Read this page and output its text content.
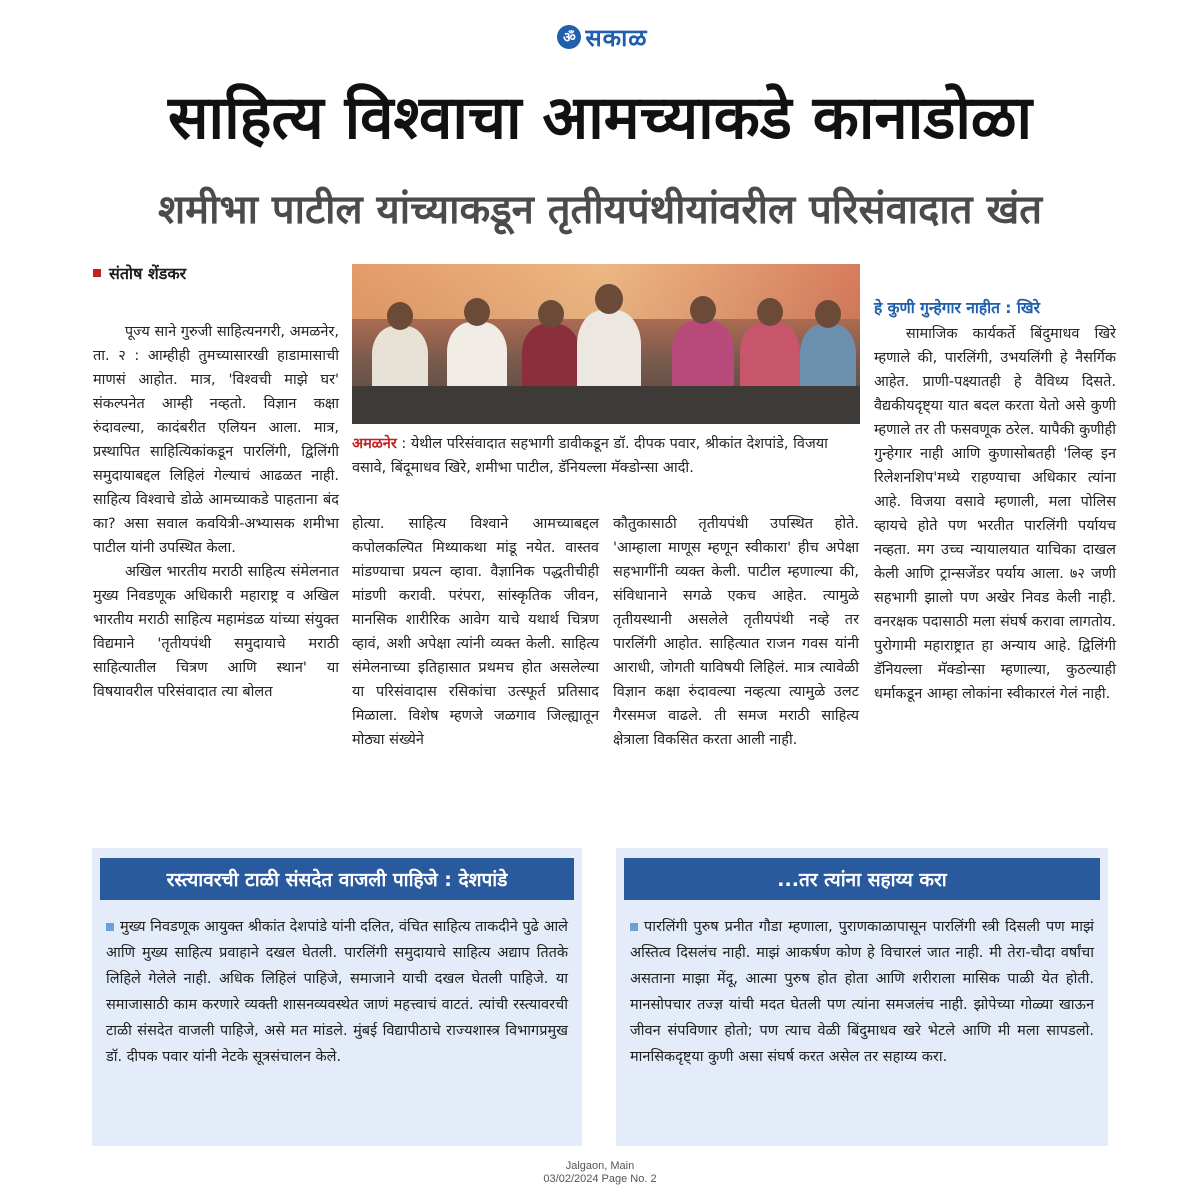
ॐ सकाळ
साहित्य विश्वाचा आमच्याकडे कानाडोळा
शमीभा पाटील यांच्याकडून तृतीयपंथीयांवरील परिसंवादात खंत
संतोष शेंडकर

पूज्य साने गुरुजी साहित्यनगरी, अमळनेर, ता. २ : आम्हीही तुमच्यासारखी हाडामासाची माणसं आहोत. मात्र, 'विश्वची माझे घर' संकल्पनेत आम्ही नव्हतो. विज्ञान कक्षा रुंदावल्या, कादंबरीत एलियन आला. मात्र, प्रस्थापित साहित्यिकांकडून पारलिंगी, द्विलिंगी समुदायाबद्दल लिहिलं गेल्याचं आढळत नाही. साहित्य विश्वाचे डोळे आमच्याकडे पाहताना बंद का? असा सवाल कवयित्री-अभ्यासक शमीभा पाटील यांनी उपस्थित केला.

अखिल भारतीय मराठी साहित्य संमेलनात मुख्य निवडणूक अधिकारी महाराष्ट्र व अखिल भारतीय मराठी साहित्य महामंडळ यांच्या संयुक्त विद्यमाने 'तृतीयपंथी समुदायाचे मराठी साहित्यातील चित्रण आणि स्थान' या विषयावरील परिसंवादात त्या बोलत

अमळनेर : येथील परिसंवादात सहभागी डावीकडून डॉ. दीपक पवार, श्रीकांत देशपांडे, विजया वसावे, बिंदूमाधव खिरे, शमीभा पाटील, डॅनियल्ला मॅक्डोन्सा आदी.

होत्या. साहित्य विश्वाने आमच्याबद्दल कपोलकल्पित मिथ्याकथा मांडू नयेत. वास्तव मांडण्याचा प्रयत्न व्हावा. वैज्ञानिक पद्धतीचीही मांडणी करावी. परंपरा, सांस्कृतिक जीवन, मानसिक शारीरिक आवेग याचे यथार्थ चित्रण व्हावं, अशी अपेक्षा त्यांनी व्यक्त केली. साहित्य संमेलनाच्या इतिहासात प्रथमच होत असलेल्या या परिसंवादास रसिकांचा उत्स्फूर्त प्रतिसाद मिळाला. विशेष म्हणजे जळगाव जिल्ह्यातून मोठ्या संख्येने

कौतुकासाठी तृतीयपंथी उपस्थित होते. 'आम्हाला माणूस म्हणून स्वीकारा' हीच अपेक्षा सहभागींनी व्यक्त केली. पाटील म्हणाल्या की, संविधानाने सगळे एकच आहेत. त्यामुळे तृतीयस्थानी असलेले तृतीयपंथी नव्हे तर पारलिंगी आहोत. साहित्यात राजन गवस यांनी आराधी, जोगती याविषयी लिहिलं. मात्र त्यावेळी विज्ञान कक्षा रुंदावल्या नव्हत्या त्यामुळे उलट गैरसमज वाढले. ती समज मराठी साहित्य क्षेत्राला विकसित करता आली नाही.

हे कुणी गुन्हेगार नाहीत : खिरे

सामाजिक कार्यकर्ते बिंदुमाधव खिरे म्हणाले की, पारलिंगी, उभयलिंगी हे नैसर्गिक आहेत. प्राणी-पक्ष्यातही हे वैविध्य दिसते. वैद्यकीयदृष्ट्या यात बदल करता येतो असे कुणी म्हणाले तर ती फसवणूक ठरेल. यापैकी कुणीही गुन्हेगार नाही आणि कुणासोबतही 'लिव्ह इन रिलेशनशिप'मध्ये राहण्याचा अधिकार त्यांना आहे. विजया वसावे म्हणाली, मला पोलिस व्हायचे होते पण भरतीत पारलिंगी पर्यायच नव्हता. मग उच्च न्यायालयात याचिका दाखल केली आणि ट्रान्सजेंडर पर्याय आला. ७२ जणी सहभागी झालो पण अखेर निवड केली नाही. वनरक्षक पदासाठी मला संघर्ष करावा लागतोय. पुरोगामी महाराष्ट्रात हा अन्याय आहे. द्विलिंगी डॅनियल्ला मॅक्डोन्सा म्हणाल्या, कुठल्याही धर्माकडून आम्हा लोकांना स्वीकारलं गेलं नाही.

रस्त्यावरची टाळी संसदेत वाजली पाहिजे : देशपांडे
मुख्य निवडणूक आयुक्त श्रीकांत देशपांडे यांनी दलित, वंचित साहित्य ताकदीने पुढे आले आणि मुख्य साहित्य प्रवाहाने दखल घेतली. पारलिंगी समुदायाचे साहित्य अद्याप तितके लिहिले गेलेले नाही. अधिक लिहिलं पाहिजे, समाजाने याची दखल घेतली पाहिजे. या समाजासाठी काम करणारे व्यक्ती शासनव्यवस्थेत जाणं महत्त्वाचं वाटतं. त्यांची रस्त्यावरची टाळी संसदेत वाजली पाहिजे, असे मत मांडले. मुंबई विद्यापीठाचे राज्यशास्त्र विभागप्रमुख डॉ. दीपक पवार यांनी नेटके सूत्रसंचालन केले.
...तर त्यांना सहाय्य करा
पारलिंगी पुरुष प्रनीत गौडा म्हणाला, पुराणकाळापासून पारलिंगी स्त्री दिसली पण माझं अस्तित्व दिसलंच नाही. माझं आकर्षण कोण हे विचारलं जात नाही. मी तेरा-चौदा वर्षांचा असताना माझा मेंदू, आत्मा पुरुष होत होता आणि शरीराला मासिक पाळी येत होती. मानसोपचार तज्ज्ञ यांची मदत घेतली पण त्यांना समजलंच नाही. झोपेच्या गोळ्या खाऊन जीवन संपविणार होतो; पण त्याच वेळी बिंदुमाधव खरे भेटले आणि मी मला सापडलो. मानसिकदृष्ट्या कुणी असा संघर्ष करत असेल तर सहाय्य करा.
Jalgaon, Main
03/02/2024 Page No. 2
